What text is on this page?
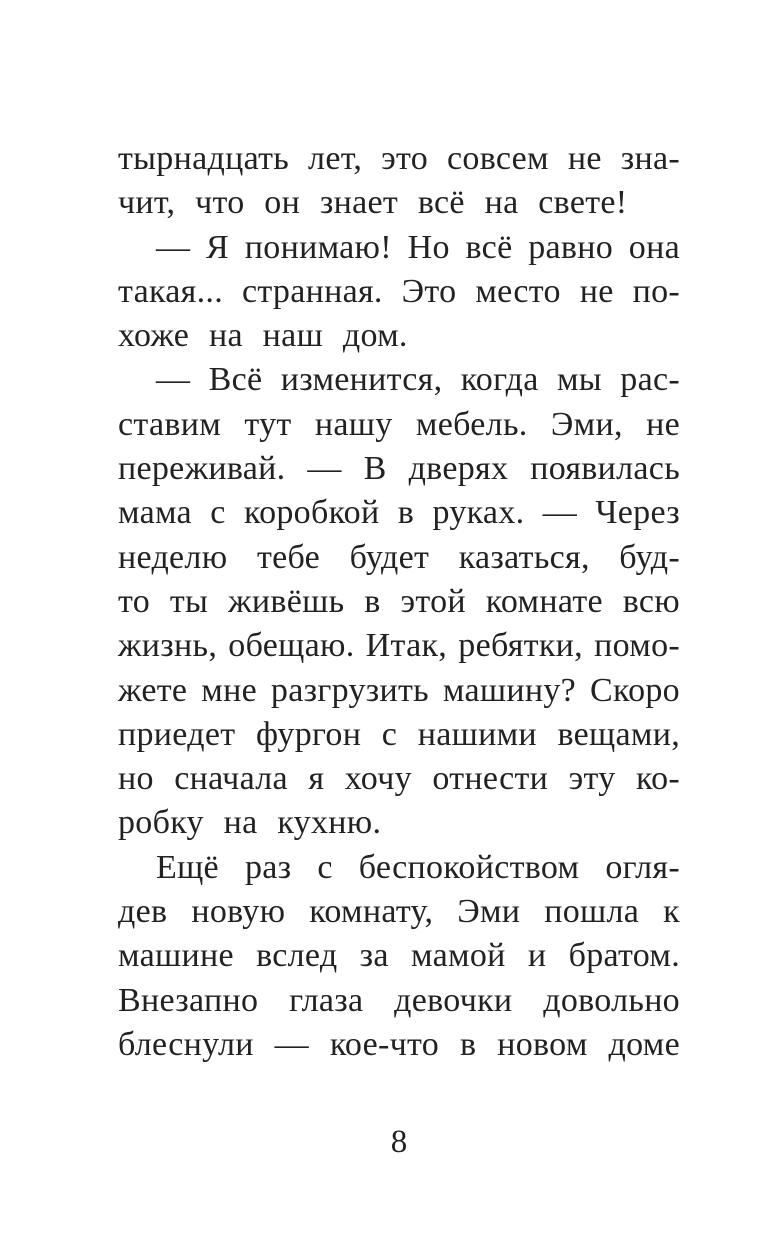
тырнадцать лет, это совсем не зна-
чит, что он знает всё на свете!
— Я понимаю! Но всё равно она
такая... странная. Это место не по-
хоже на наш дом.
— Всё изменится, когда мы рас-
ставим тут нашу мебель. Эми, не
переживай. — В дверях появилась
мама с коробкой в руках. — Через
неделю тебе будет казаться, буд-
то ты живёшь в этой комнате всю
жизнь, обещаю. Итак, ребятки, помо-
жете мне разгрузить машину? Скоро
приедет фургон с нашими вещами,
но сначала я хочу отнести эту ко-
робку на кухню.
Ещё раз с беспокойством огля-
дев новую комнату, Эми пошла к
машине вслед за мамой и братом.
Внезапно глаза девочки довольно
блеснули — кое-что в новом доме
8
